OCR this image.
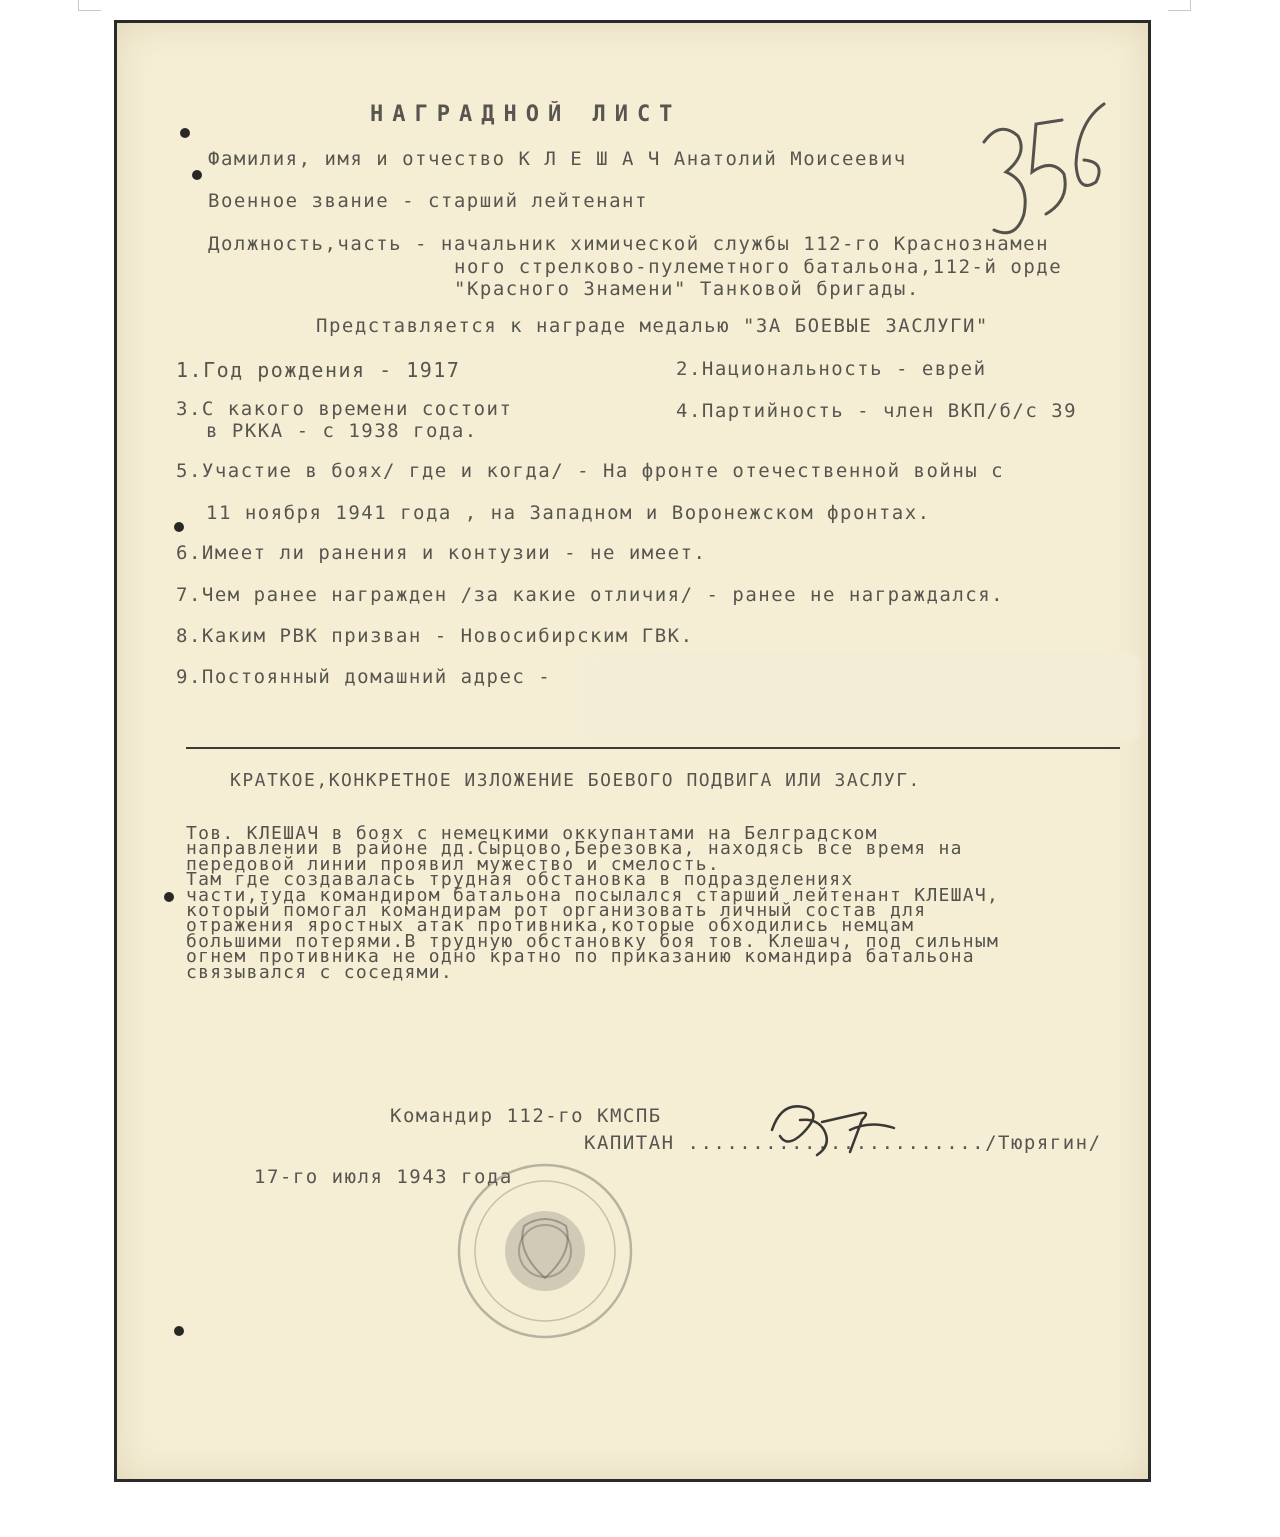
НАГРАДНОЙ ЛИСТ
Фамилия, имя и отчество К Л Е Ш А Ч Анатолий Моисеевич
Военное звание - старший лейтенант
Должность,часть - начальник химической службы 112-го Краснознамен
ного стрелково-пулеметного батальона,112-й орде
"Красного Знамени" Танковой бригады.
Представляется к награде медалью "ЗА БОЕВЫЕ ЗАСЛУГИ"
1.Год рождения - 1917	2.Национальность - еврей
3.С какого времени состоит
в РККА - с 1938 года.
4.Партийность - член ВКП/б/с 39
5.Участие в боях/ где и когда/ - На фронте отечественной войны с
11 ноября 1941 года , на Западном и Воронежском фронтах.
6.Имеет ли ранения и контузии - не имеет.
7.Чем ранее награжден /за какие отличия/ - ранее не награждался.
8.Каким РВК призван - Новосибирским ГВК.
9.Постоянный домашний адрес -
КРАТКОЕ,КОНКРЕТНОЕ ИЗЛОЖЕНИЕ БОЕВОГО ПОДВИГА ИЛИ ЗАСЛУГ.
Тов. КЛЕШАЧ в боях с немецкими оккупантами на Белградском
направлении в районе дд.Сырцово,Березовка, находясь все время на
передовой линии проявил мужество и смелость.
Там где создавалась трудная обстановка в подразделениях
части,туда командиром батальона посылался старший лейтенант КЛЕШАЧ,
который помогал командирам рот организовать личный состав для
отражения яростных атак противника,которые обходились немцам
большими потерями.В трудную обстановку боя тов. Клешач, под сильным
огнем противника не одно кратно по приказанию командира батальона
связывался с соседями.
Командир 112-го КМСПБ
КАПИТАН ......................./Тюрягин/
17-го июля 1943 года
